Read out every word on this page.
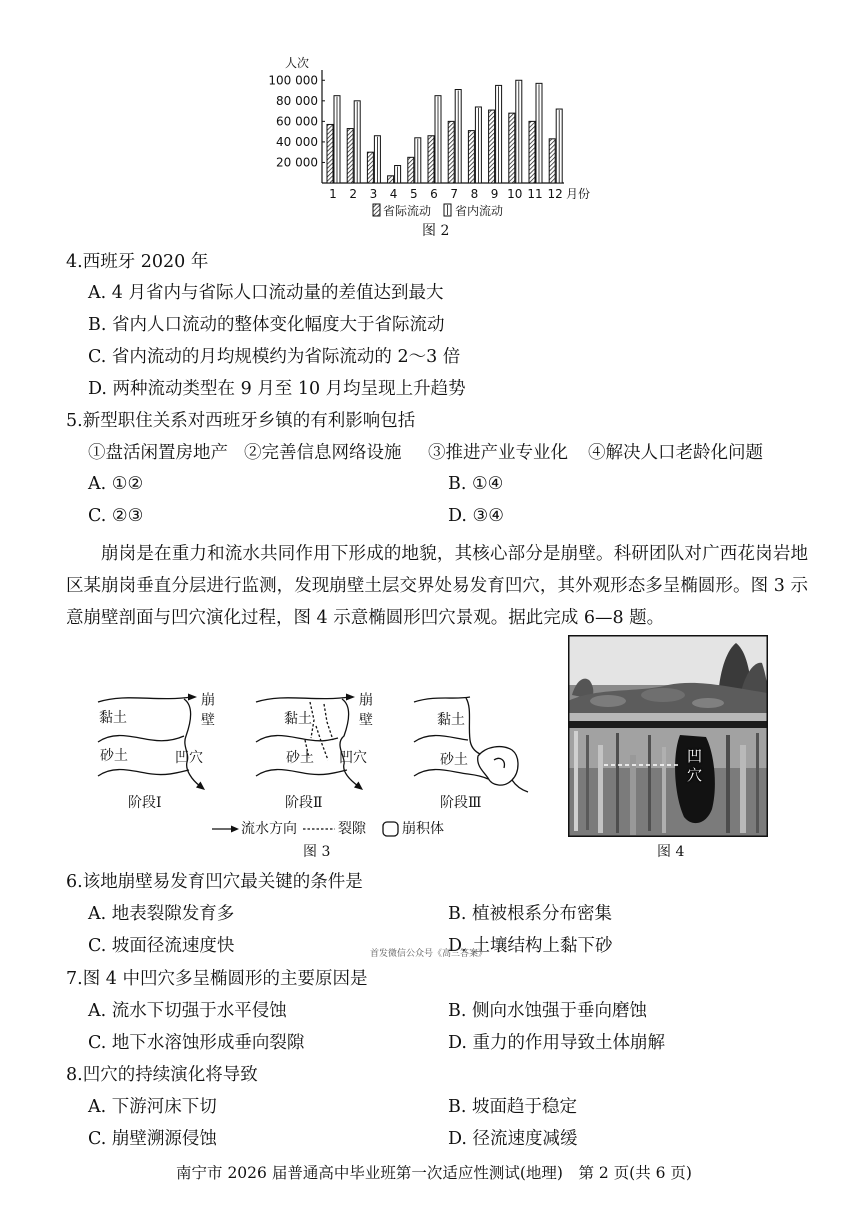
人次
月份
省际流动 省内流动
20 000
40 000
60 000
80 000
100 000
1 2 3 4 5 6 7 8 9 10 11 12
图 2
4.西班牙 2020 年
A. 4 月省内与省际人口流动量的差值达到最大
B. 省内人口流动的整体变化幅度大于省际流动
C. 省内流动的月均规模约为省际流动的 2～3 倍
D. 两种流动类型在 9 月至 10 月均呈现上升趋势
5.新型职住关系对西班牙乡镇的有利影响包括
①盘活闲置房地产 ②完善信息网络设施 ③推进产业专业化 ④解决人口老龄化问题
A. ①②	B. ①④
C. ②③	D. ③④
崩岗是在重力和流水共同作用下形成的地貌，其核心部分是崩壁。科研团队对广西花岗岩地区某崩岗垂直分层进行监测，发现崩壁土层交界处易发育凹穴，其外观形态多呈椭圆形。图 3 示意崩壁剖面与凹穴演化过程，图 4 示意椭圆形凹穴景观。据此完成 6—8 题。
崩壁
黏土
砂土	凹穴
阶段Ⅰ
崩壁
黏土
砂土 凹穴
阶段Ⅱ
黏土
砂土
阶段Ⅲ
流水方向	裂隙	崩积体
图 3
凹穴
图 4
6.该地崩壁易发育凹穴最关键的条件是
A. 地表裂隙发育多	B. 植被根系分布密集
C. 坡面径流速度快	D. 土壤结构上黏下砂
首发微信公众号《高三答案》
7.图 4 中凹穴多呈椭圆形的主要原因是
A. 流水下切强于水平侵蚀	B. 侧向水蚀强于垂向磨蚀
C. 地下水溶蚀形成垂向裂隙	D. 重力的作用导致土体崩解
8.凹穴的持续演化将导致
A. 下游河床下切	B. 坡面趋于稳定
C. 崩壁溯源侵蚀	D. 径流速度减缓
南宁市 2026 届普通高中毕业班第一次适应性测试(地理)　 第 2 页(共 6 页)
